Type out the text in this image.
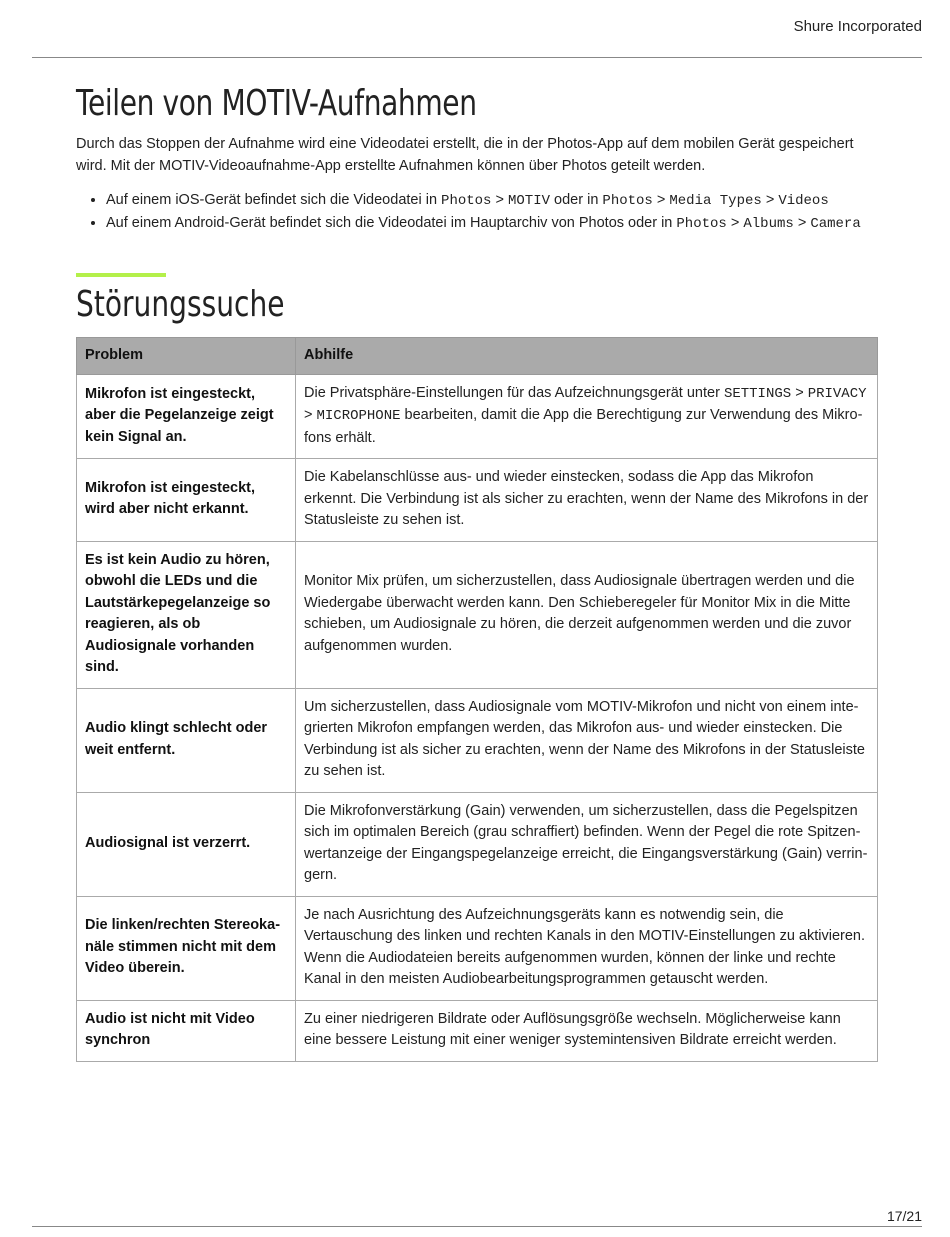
Shure Incorporated
Teilen von MOTIV-Aufnahmen

Durch das Stoppen der Aufnahme wird eine Videodatei erstellt, die in der Photos-App auf dem mobilen Gerät gespeichert wird. Mit der MOTIV-Videoaufnahme-App erstellte Aufnahmen können über Photos geteilt werden.

• Auf einem iOS-Gerät befindet sich die Videodatei in Photos > MOTIV oder in Photos > Media Types > Videos
• Auf einem Android-Gerät befindet sich die Videodatei im Hauptarchiv von Photos oder in Photos > Albums > Camera
Störungssuche
Problem	Abhilfe
Mikrofon ist eingesteckt, aber die Pegelanzeige zeigt kein Signal an.	Die Privatsphäre-Einstellungen für das Aufzeichnungsgerät unter SETTINGS > PRIVACY > MICROPHONE bearbeiten, damit die App die Berechtigung zur Verwendung des Mikrofons erhält.
Mikrofon ist eingesteckt, wird aber nicht erkannt.	Die Kabelanschlüsse aus- und wieder einstecken, sodass die App das Mikrofon erkennt. Die Verbindung ist als sicher zu erachten, wenn der Name des Mikrofons in der Statusleiste zu sehen ist.
Es ist kein Audio zu hören, obwohl die LEDs und die Lautstärkepegelanzeige so reagieren, als ob Audiosignale vorhanden sind.	Monitor Mix prüfen, um sicherzustellen, dass Audiosignale übertragen werden und die Wiedergabe überwacht werden kann. Den Schieberegeler für Monitor Mix in die Mitte schieben, um Audiosignale zu hören, die derzeit aufgenommen werden und die zuvor aufgenommen wurden.
Audio klingt schlecht oder weit entfernt.	Um sicherzustellen, dass Audiosignale vom MOTIV-Mikrofon und nicht von einem integrierten Mikrofon empfangen werden, das Mikrofon aus- und wieder einstecken. Die Verbindung ist als sicher zu erachten, wenn der Name des Mikrofons in der Statusleiste zu sehen ist.
Audiosignal ist verzerrt.	Die Mikrofonverstärkung (Gain) verwenden, um sicherzustellen, dass die Pegelspitzen sich im optimalen Bereich (grau schraffiert) befinden. Wenn der Pegel die rote Spitzenwertanzeige der Eingangspegelanzeige erreicht, die Eingangsverstärkung (Gain) verringern.
Die linken/rechten Stereokanäle stimmen nicht mit dem Video überein.	Je nach Ausrichtung des Aufzeichnungsgeräts kann es notwendig sein, die Vertauschung des linken und rechten Kanals in den MOTIV-Einstellungen zu aktivieren. Wenn die Audiodateien bereits aufgenommen wurden, können der linke und rechte Kanal in den meisten Audiobearbeitungsprogrammen getauscht werden.
Audio ist nicht mit Video synchron	Zu einer niedrigeren Bildrate oder Auflösungsgröße wechseln. Möglicherweise kann eine bessere Leistung mit einer weniger systemintensiven Bildrate erreicht werden.
17/21
